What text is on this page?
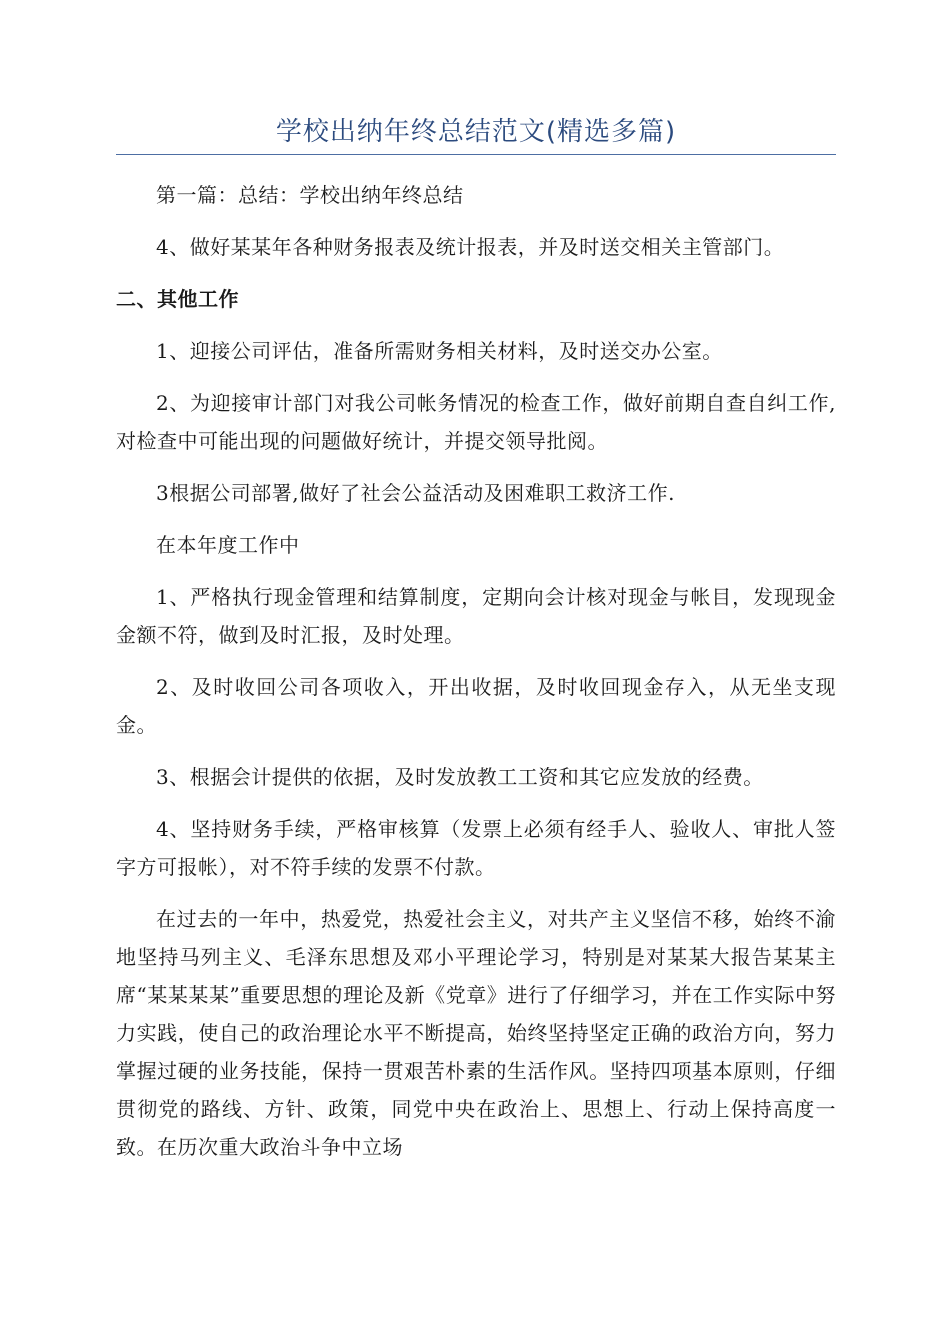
学校出纳年终总结范文(精选多篇)

第一篇：总结：学校出纳年终总结

4、做好某某年各种财务报表及统计报表，并及时送交相关主管部门。

二、其他工作

1、迎接公司评估，准备所需财务相关材料，及时送交办公室。

2、为迎接审计部门对我公司帐务情况的检查工作，做好前期自查自纠工作,对检查中可能出现的问题做好统计，并提交领导批阅。

3根据公司部署,做好了社会公益活动及困难职工救济工作.

在本年度工作中

1、严格执行现金管理和结算制度，定期向会计核对现金与帐目，发现现金金额不符，做到及时汇报，及时处理。

2、及时收回公司各项收入，开出收据，及时收回现金存入，从无坐支现金。

3、根据会计提供的依据，及时发放教工工资和其它应发放的经费。

4、坚持财务手续，严格审核算（发票上必须有经手人、验收人、审批人签字方可报帐），对不符手续的发票不付款。

在过去的一年中，热爱党，热爱社会主义，对共产主义坚信不移，始终不渝地坚持马列主义、毛泽东思想及邓小平理论学习，特别是对某某大报告某某主席“某某某某”重要思想的理论及新《党章》进行了仔细学习，并在工作实际中努力实践，使自己的政治理论水平不断提高，始终坚持坚定正确的政治方向，努力掌握过硬的业务技能，保持一贯艰苦朴素的生活作风。坚持四项基本原则，仔细贯彻党的路线、方针、政策，同党中央在政治上、思想上、行动上保持高度一致。在历次重大政治斗争中立场
